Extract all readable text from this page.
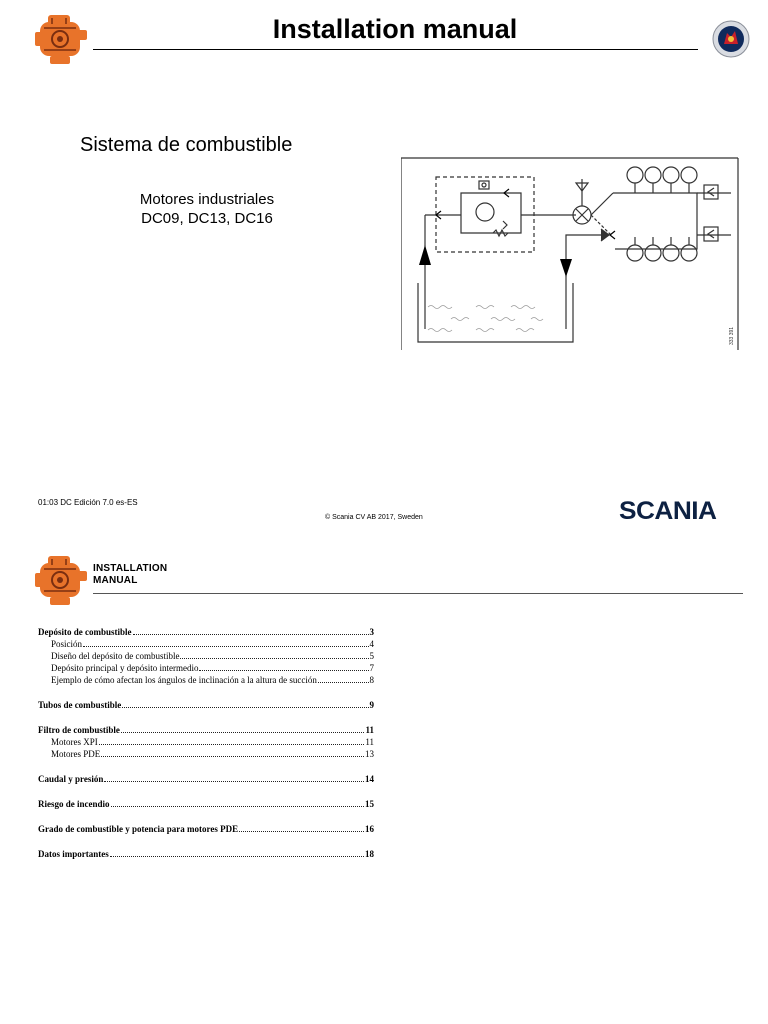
Installation manual
Sistema de combustible
Motores industriales
DC09, DC13, DC16
333 391
01:03 DC Edición 7.0 es-ES
© Scania CV AB 2017, Sweden	SCANIA
INSTALLATION
MANUAL
Depósito de combustible	3
Posición	4
Diseño del depósito de combustible	5
Depósito principal y depósito intermedio	7
Ejemplo de cómo afectan los ángulos de inclinación a la altura de succión	8
Tubos de combustible	9
Filtro de combustible	11
Motores XPI	11
Motores PDE	13
Caudal y presión	14
Riesgo de incendio	15
Grado de combustible y potencia para motores PDE	16
Datos importantes	18
